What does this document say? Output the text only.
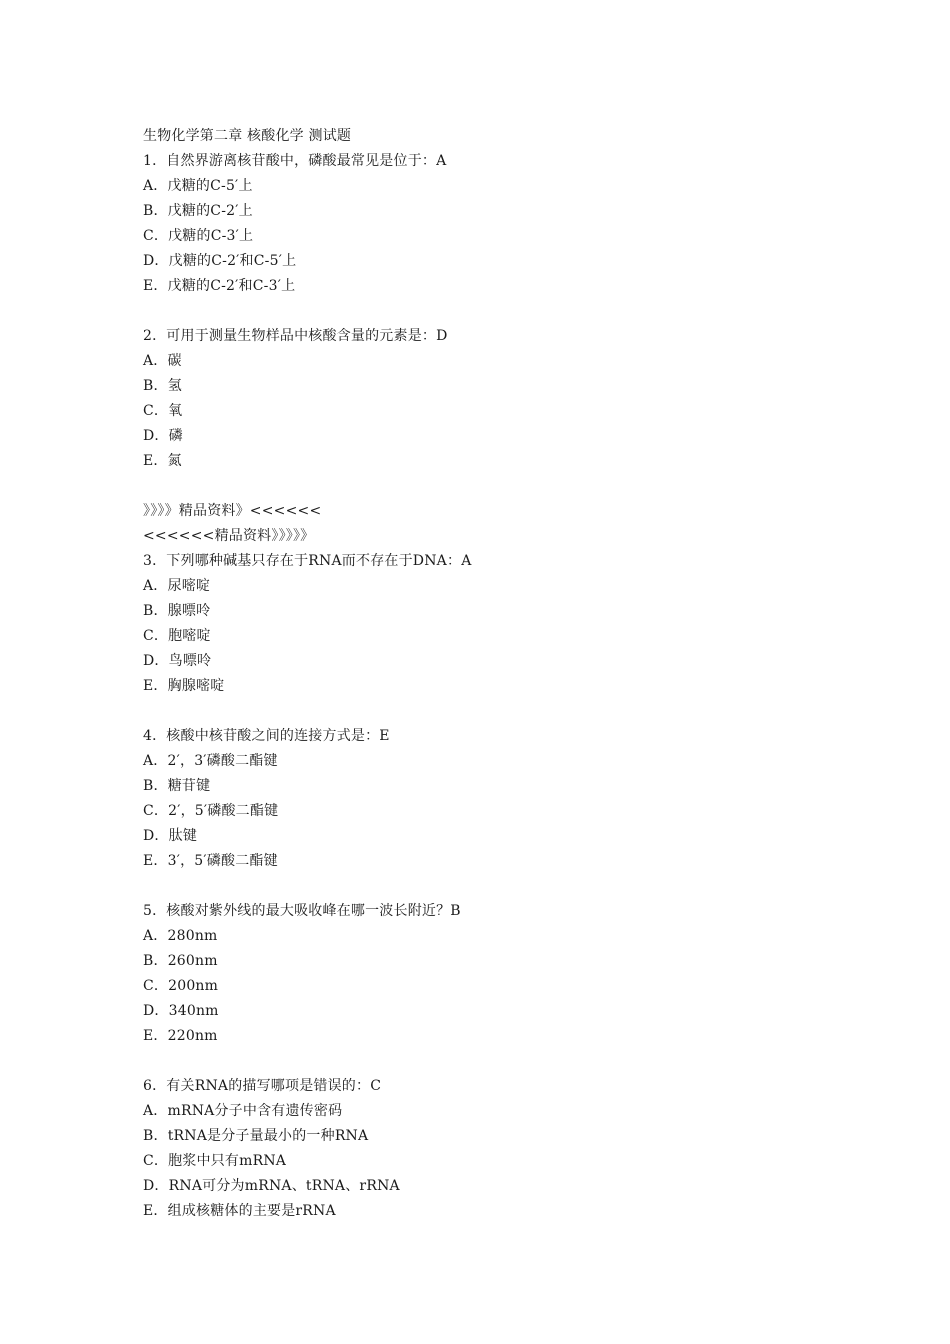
生物化学第二章 核酸化学 测试题
1．自然界游离核苷酸中，磷酸最常见是位于：A
A．戊糖的C-5′上
B．戊糖的C-2′上
C．戊糖的C-3′上
D．戊糖的C-2′和C-5′上
E．戊糖的C-2′和C-3′上
2．可用于测量生物样品中核酸含量的元素是：D
A．碳
B．氢
C．氧
D．磷
E．氮
》》》》精品资料》<<<<<<
<<<<<<精品资料》》》》》
3．下列哪种碱基只存在于RNA而不存在于DNA：A
A．尿嘧啶
B．腺嘌呤
C．胞嘧啶
D．鸟嘌呤
E．胸腺嘧啶
4．核酸中核苷酸之间的连接方式是：E
A．2′，3′磷酸二酯键
B．糖苷键
C．2′，5′磷酸二酯键
D．肽键
E．3′，5′磷酸二酯键
5．核酸对紫外线的最大吸收峰在哪一波长附近？B
A．280nm
B．260nm
C．200nm
D．340nm
E．220nm
6．有关RNA的描写哪项是错误的：C
A．mRNA分子中含有遗传密码
B．tRNA是分子量最小的一种RNA
C．胞浆中只有mRNA
D．RNA可分为mRNA、tRNA、rRNA
E．组成核糖体的主要是rRNA
